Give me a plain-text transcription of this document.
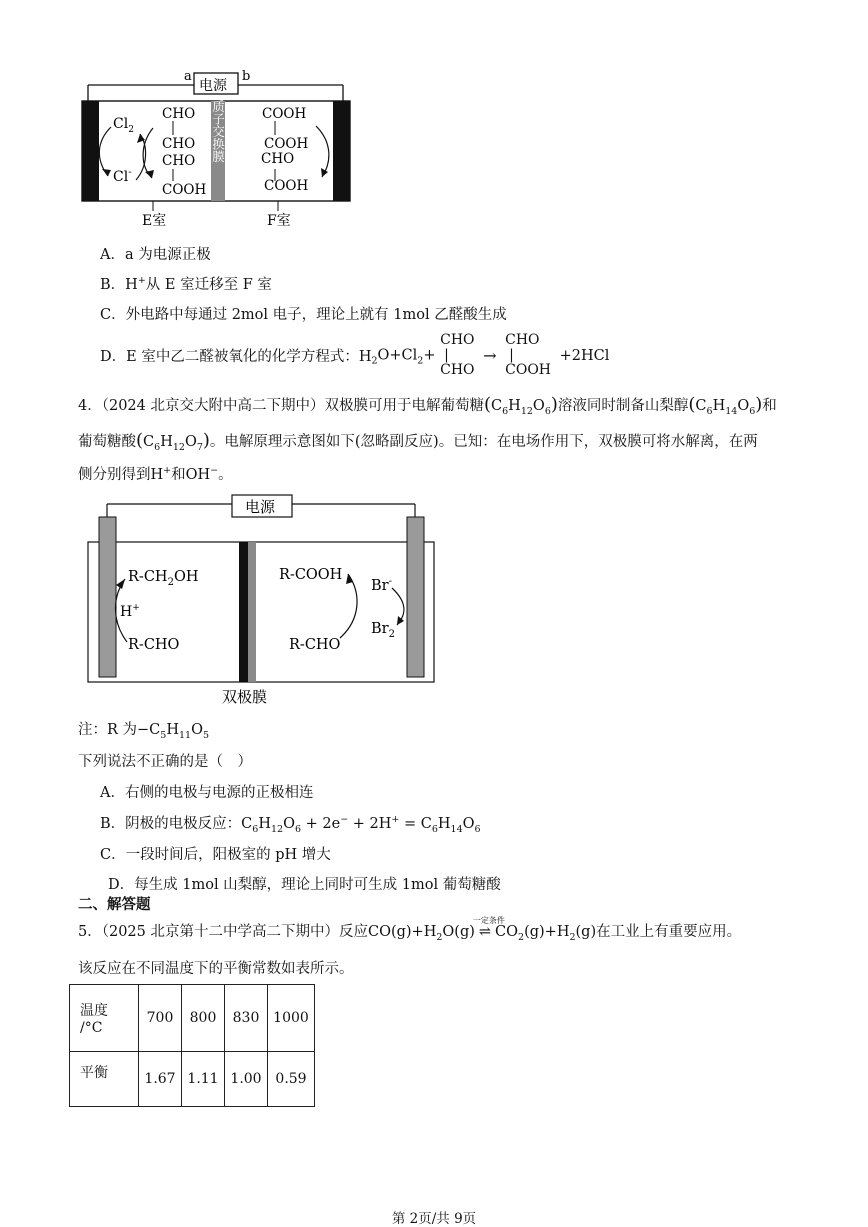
a	b
电源
$Cl_2$
Cl-
CHO
CHO
CHO
COOH
COOH
COOH
CHO
COOH
质子交换膜
E室	F室
A．a 为电源正极
B．H+从 E 室迁移至 F 室
C．外电路中每通过 2mol 电子，理论上就有 1mol 乙醛酸生成
D．E 室中乙二醛被氧化的化学方程式：$H_2O+Cl_2+$ CHO
|
CHO → CHO
|
COOH +2HCl
4．（2024 北京交大附中高二下期中）双极膜可用于电解葡萄糖$(C_6H_{12}O_6)$溶液同时制备山梨醇$(C_6H_{14}O_6)$和
葡萄糖酸$(C_6H_{12}O_7)$。电解原理示意图如下(忽略副反应)。已知：在电场作用下，双极膜可将水解离，在两
侧分别得到H+和OH−。
电源
$R-CH_2OH$
H+
R-CHO
R-COOH
R-CHO
Br-
$Br_2$
双极膜
注：R 为$-C_5H_{11}O_5$
下列说法不正确的是（　）
A．右侧的电极与电源的正极相连
B．阴极的电极反应：$C_6H_{12}O_6 + 2e^- + 2H^+ = C_6H_{14}O_6$
C．一段时间后，阳极室的 pH 增大
D．每生成 1mol 山梨醇，理论上同时可生成 1mol 葡萄糖酸
二、解答题
5．（2025 北京第十二中学高二下期中）反应$CO(g)+H_2O(g)$
一定条件
⇌ $CO_2(g)+H_2(g)$在工业上有重要应用。
该反应在不同温度下的平衡常数如表所示。
温度
/°C	700	800	830	1000
平衡	1.67	1.11	1.00	0.59
第 2页/共 9页
